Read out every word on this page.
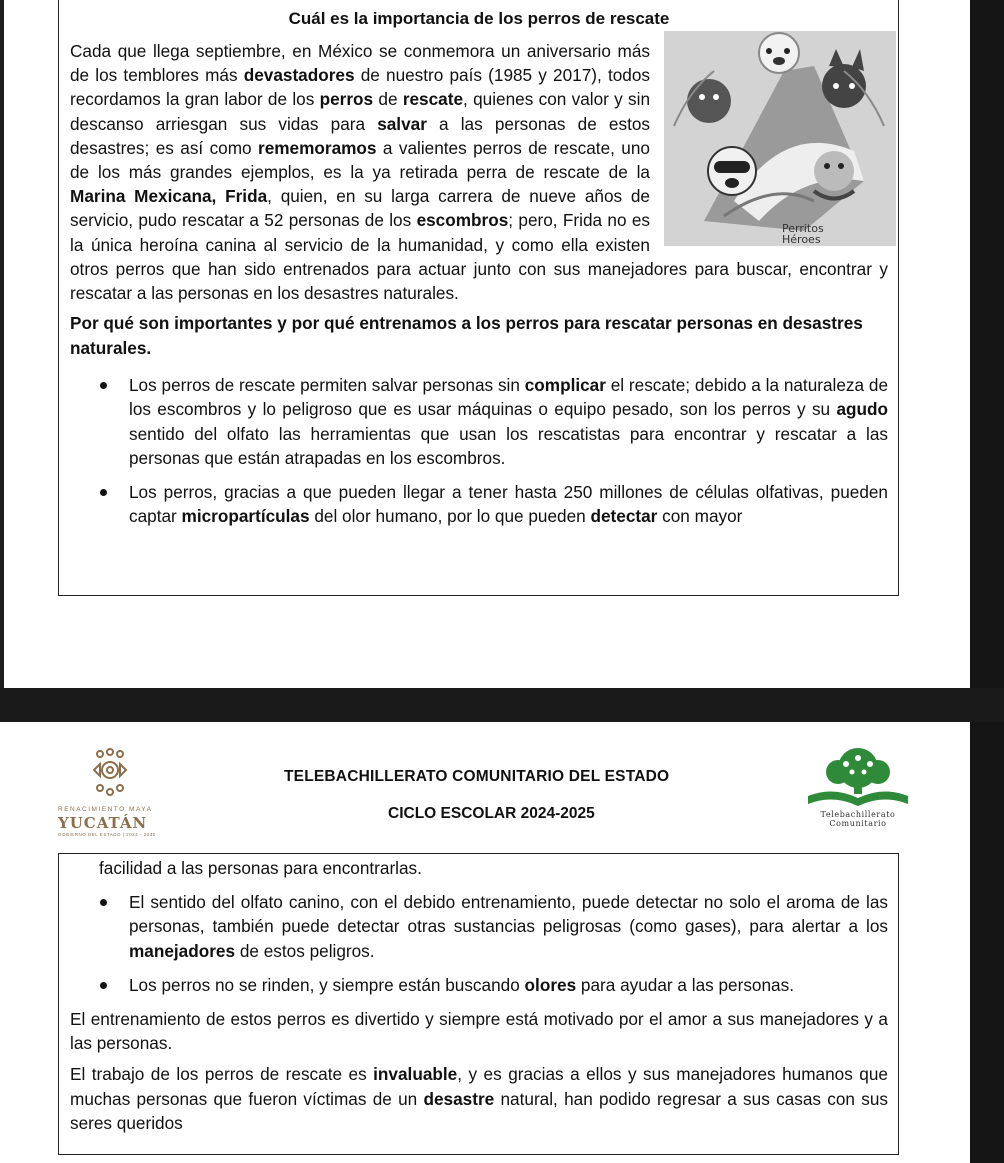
Cuál es la importancia de los perros de rescate
Perritos Héroes
Cada que llega septiembre, en México se conmemora un aniversario más de los temblores más devastadores de nuestro país (1985 y 2017), todos recordamos la gran labor de los perros de rescate, quienes con valor y sin descanso arriesgan sus vidas para salvar a las personas de estos desastres; es así como rememoramos a valientes perros de rescate, uno de los más grandes ejemplos, es la ya retirada perra de rescate de la Marina Mexicana, Frida, quien, en su larga carrera de nueve años de servicio, pudo rescatar a 52 personas de los escombros; pero, Frida no es la única heroína canina al servicio de la humanidad, y como ella existen otros perros que han sido entrenados para actuar junto con sus manejadores para buscar, encontrar y rescatar a las personas en los desastres naturales.
Por qué son importantes y por qué entrenamos a los perros para rescatar personas en desastres naturales.
Los perros de rescate permiten salvar personas sin complicar el rescate; debido a la naturaleza de los escombros y lo peligroso que es usar máquinas o equipo pesado, son los perros y su agudo sentido del olfato las herramientas que usan los rescatistas para encontrar y rescatar a las personas que están atrapadas en los escombros.
Los perros, gracias a que pueden llegar a tener hasta 250 millones de células olfativas, pueden captar micropartículas del olor humano, por lo que pueden detectar con mayor
RENACIMIENTO MAYA
YUCATÁN
GOBIERNO DEL ESTADO | 2024 - 2030
TELEBACHILLERATO COMUNITARIO DEL ESTADO
CICLO ESCOLAR 2024-2025	Telebachillerato
Comunitario
facilidad a las personas para encontrarlas.
El sentido del olfato canino, con el debido entrenamiento, puede detectar no solo el aroma de las personas, también puede detectar otras sustancias peligrosas (como gases), para alertar a los manejadores de estos peligros.
Los perros no se rinden, y siempre están buscando olores para ayudar a las personas.
El entrenamiento de estos perros es divertido y siempre está motivado por el amor a sus manejadores y a las personas.
El trabajo de los perros de rescate es invaluable, y es gracias a ellos y sus manejadores humanos que muchas personas que fueron víctimas de un desastre natural, han podido regresar a sus casas con sus seres queridos
